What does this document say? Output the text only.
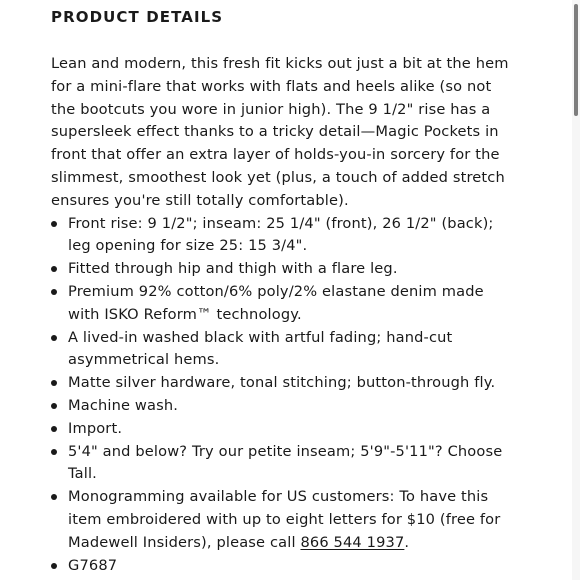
PRODUCT DETAILS

Lean and modern, this fresh fit kicks out just a bit at the hem for a mini-flare that works with flats and heels alike (so not the bootcuts you wore in junior high). The 9 1/2" rise has a supersleek effect thanks to a tricky detail—Magic Pockets in front that offer an extra layer of holds-you-in sorcery for the slimmest, smoothest look yet (plus, a touch of added stretch ensures you're still totally comfortable).

Front rise: 9 1/2"; inseam: 25 1/4" (front), 26 1/2" (back); leg opening for size 25: 15 3/4".
Fitted through hip and thigh with a flare leg.
Premium 92% cotton/6% poly/2% elastane denim made with ISKO Reform™ technology.
A lived-in washed black with artful fading; hand-cut asymmetrical hems.
Matte silver hardware, tonal stitching; button-through fly.
Machine wash.
Import.
5'4" and below? Try our petite inseam; 5'9"-5'11"? Choose Tall.
Monogramming available for US customers: To have this item embroidered with up to eight letters for $10 (free for Madewell Insiders), please call 866 544 1937.
G7687
